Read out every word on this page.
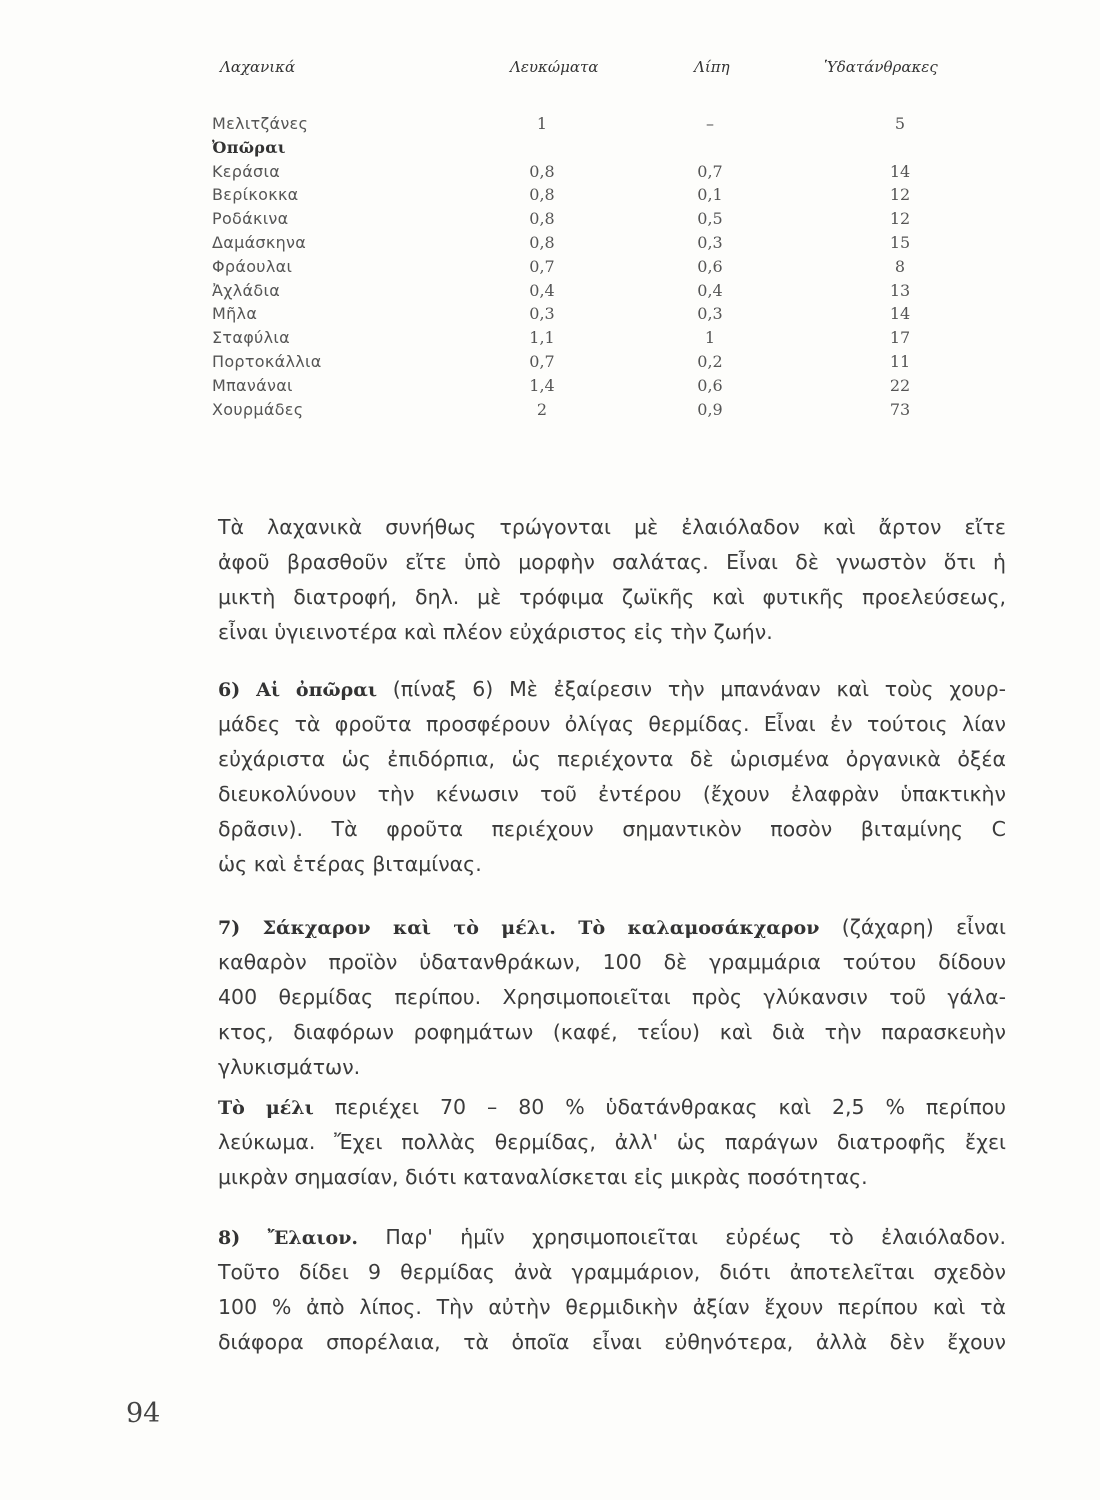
Λαχανικά	Λευκώματα	Λίπη	Ὑδατάνθρακες
Μελιτζάνες	1	–	5
Ὀπῶραι
Κεράσια	0,8	0,7	14
Βερίκοκκα	0,8	0,1	12
Ροδάκινα	0,8	0,5	12
Δαμάσκηνα	0,8	0,3	15
Φράουλαι	0,7	0,6	8
Ἀχλάδια	0,4	0,4	13
Μῆλα	0,3	0,3	14
Σταφύλια	1,1	1	17
Πορτοκάλλια	0,7	0,2	11
Μπανάναι	1,4	0,6	22
Χουρμάδες	2	0,9	73
Τὰ λαχανικὰ συνήθως τρώγονται μὲ ἐλαιόλαδον καὶ ἄρτον εἴτε
ἀφοῦ βρασθοῦν εἴτε ὑπὸ μορφὴν σαλάτας. Εἶναι δὲ γνωστὸν ὅτι ἡ
μικτὴ διατροφή, δηλ. μὲ τρόφιμα ζωϊκῆς καὶ φυτικῆς προελεύσεως,
εἶναι ὑγιεινοτέρα καὶ πλέον εὐχάριστος εἰς τὴν ζωήν.
6) Αἱ ὀπῶραι (πίναξ 6) Μὲ ἐξαίρεσιν τὴν μπανάναν καὶ τοὺς χουρ-
μάδες τὰ φροῦτα προσφέρουν ὀλίγας θερμίδας. Εἶναι ἐν τούτοις λίαν
εὐχάριστα ὡς ἐπιδόρπια, ὡς περιέχοντα δὲ ὡρισμένα ὀργανικὰ ὀξέα
διευκολύνουν τὴν κένωσιν τοῦ ἐντέρου (ἔχουν ἐλαφρὰν ὑπακτικὴν
δρᾶσιν). Τὰ φροῦτα περιέχουν σημαντικὸν ποσὸν βιταμίνης C
ὡς καὶ ἑτέρας βιταμίνας.
7) Σάκχαρον καὶ τὸ μέλι. Τὸ καλαμοσάκχαρον (ζάχαρη) εἶναι
καθαρὸν προϊὸν ὑδατανθράκων, 100 δὲ γραμμάρια τούτου δίδουν
400 θερμίδας περίπου. Χρησιμοποιεῖται πρὸς γλύκανσιν τοῦ γάλα-
κτος, διαφόρων ροφημάτων (καφέ, τεΐου) καὶ διὰ τὴν παρασκευὴν
γλυκισμάτων.
Τὸ μέλι περιέχει 70 – 80 % ὑδατάνθρακας καὶ 2,5 % περίπου
λεύκωμα. Ἔχει πολλὰς θερμίδας, ἀλλ' ὡς παράγων διατροφῆς ἔχει
μικρὰν σημασίαν, διότι καταναλίσκεται εἰς μικρὰς ποσότητας.
8) Ἔλαιον. Παρ' ἡμῖν χρησιμοποιεῖται εὐρέως τὸ ἐλαιόλαδον.
Τοῦτο δίδει 9 θερμίδας ἀνὰ γραμμάριον, διότι ἀποτελεῖται σχεδὸν
100 % ἀπὸ λίπος. Τὴν αὐτὴν θερμιδικὴν ἀξίαν ἔχουν περίπου καὶ τὰ
διάφορα σπορέλαια, τὰ ὁποῖα εἶναι εὐθηνότερα, ἀλλὰ δὲν ἔχουν
94
